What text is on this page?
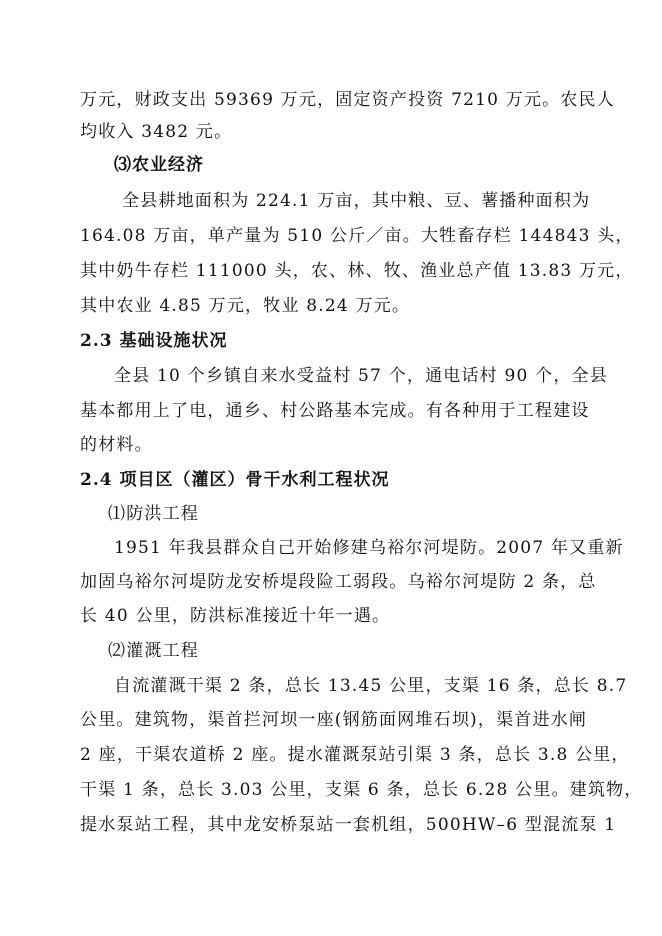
万元，财政支出 59369 万元，固定资产投资 7210 万元。农民人
均收入 3482 元。
⑶农业经济
全县耕地面积为 224.1 万亩，其中粮、豆、薯播种面积为
164.08 万亩，单产量为 510 公斤／亩。大牲畜存栏 144843 头，
其中奶牛存栏 111000 头，农、林、牧、渔业总产值 13.83 万元，
其中农业 4.85 万元，牧业 8.24 万元。
2.3 基础设施状况
全县 10 个乡镇自来水受益村 57 个，通电话村 90 个，全县
基本都用上了电，通乡、村公路基本完成。有各种用于工程建设
的材料。
2.4 项目区（灌区）骨干水利工程状况
⑴防洪工程
1951 年我县群众自己开始修建乌裕尔河堤防。2007 年又重新
加固乌裕尔河堤防龙安桥堤段险工弱段。乌裕尔河堤防 2 条，总
长 40 公里，防洪标准接近十年一遇。
⑵灌溉工程
自流灌溉干渠 2 条，总长 13.45 公里，支渠 16 条，总长 8.7
公里。建筑物，渠首拦河坝一座(钢筋面网堆石坝)，渠首进水闸
2 座，干渠农道桥 2 座。提水灌溉泵站引渠 3 条，总长 3.8 公里，
干渠 1 条，总长 3.03 公里，支渠 6 条，总长 6.28 公里。建筑物，
提水泵站工程，其中龙安桥泵站一套机组，500HW–6 型混流泵 1
